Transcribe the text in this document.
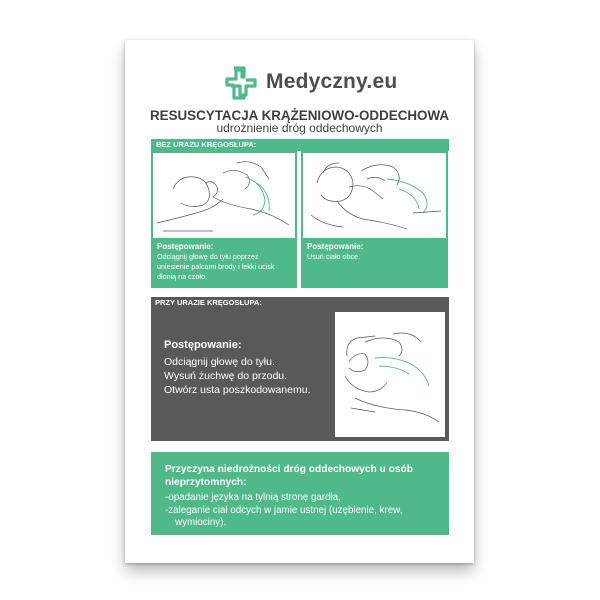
Medyczny.eu
RESUSCYTACJA KRĄŻENIOWO-ODDECHOWA
udrożnienie dróg oddechowych
BEZ URAZU KRĘGOSŁUPA:
Postępowanie:
Odciągnij głowę do tyłu poprzez uniesienie palcami brody i lekki ucisk dłonią na czoło.
Postępowanie:
Usuń ciało obce.
PRZY URAZIE KRĘGOSŁUPA:
Postępowanie:
Odciągnij głowę do tyłu.
Wysuń żuchwę do przodu.
Otwórz usta poszkodowanemu.
Przyczyna niedrożności dróg oddechowych u osób nieprzytomnych:
-opadanie języka na tylnią stronę gardła,
-zaleganie ciał odcych w jamie ustnej (uzębienie, krew,
wymiociny).
